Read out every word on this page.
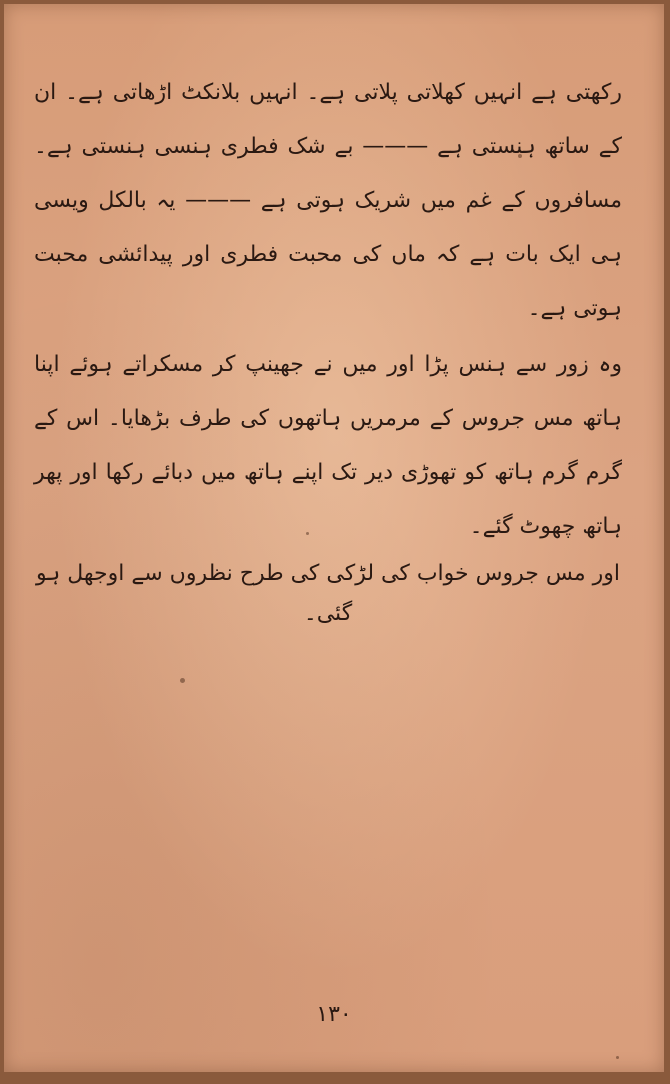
رکھتی ہے انہیں کھلاتی پلاتی ہے۔ انہیں بلانکٹ اڑھاتی ہے۔ ان کے ساتھ ہنستی ہے ——— بے شک فطری ہنسی ہنستی ہے۔ مسافروں کے غم میں شریک ہوتی ہے ——— یہ بالکل ویسی ہی ایک بات ہے کہ ماں کی محبت فطری اور پیدائشی محبت ہوتی ہے۔

وہ زور سے ہنس پڑا اور میں نے جھینپ کر مسکراتے ہوئے اپنا ہاتھ مس جروس کے مرمریں ہاتھوں کی طرف بڑھایا۔ اس کے گرم گرم ہاتھ کو تھوڑی دیر تک اپنے ہاتھ میں دبائے رکھا اور پھر ہاتھ چھوٹ گئے۔

اور مس جروس خواب کی لڑکی کی طرح نظروں سے اوجھل ہو گئی۔

۱۳۰
